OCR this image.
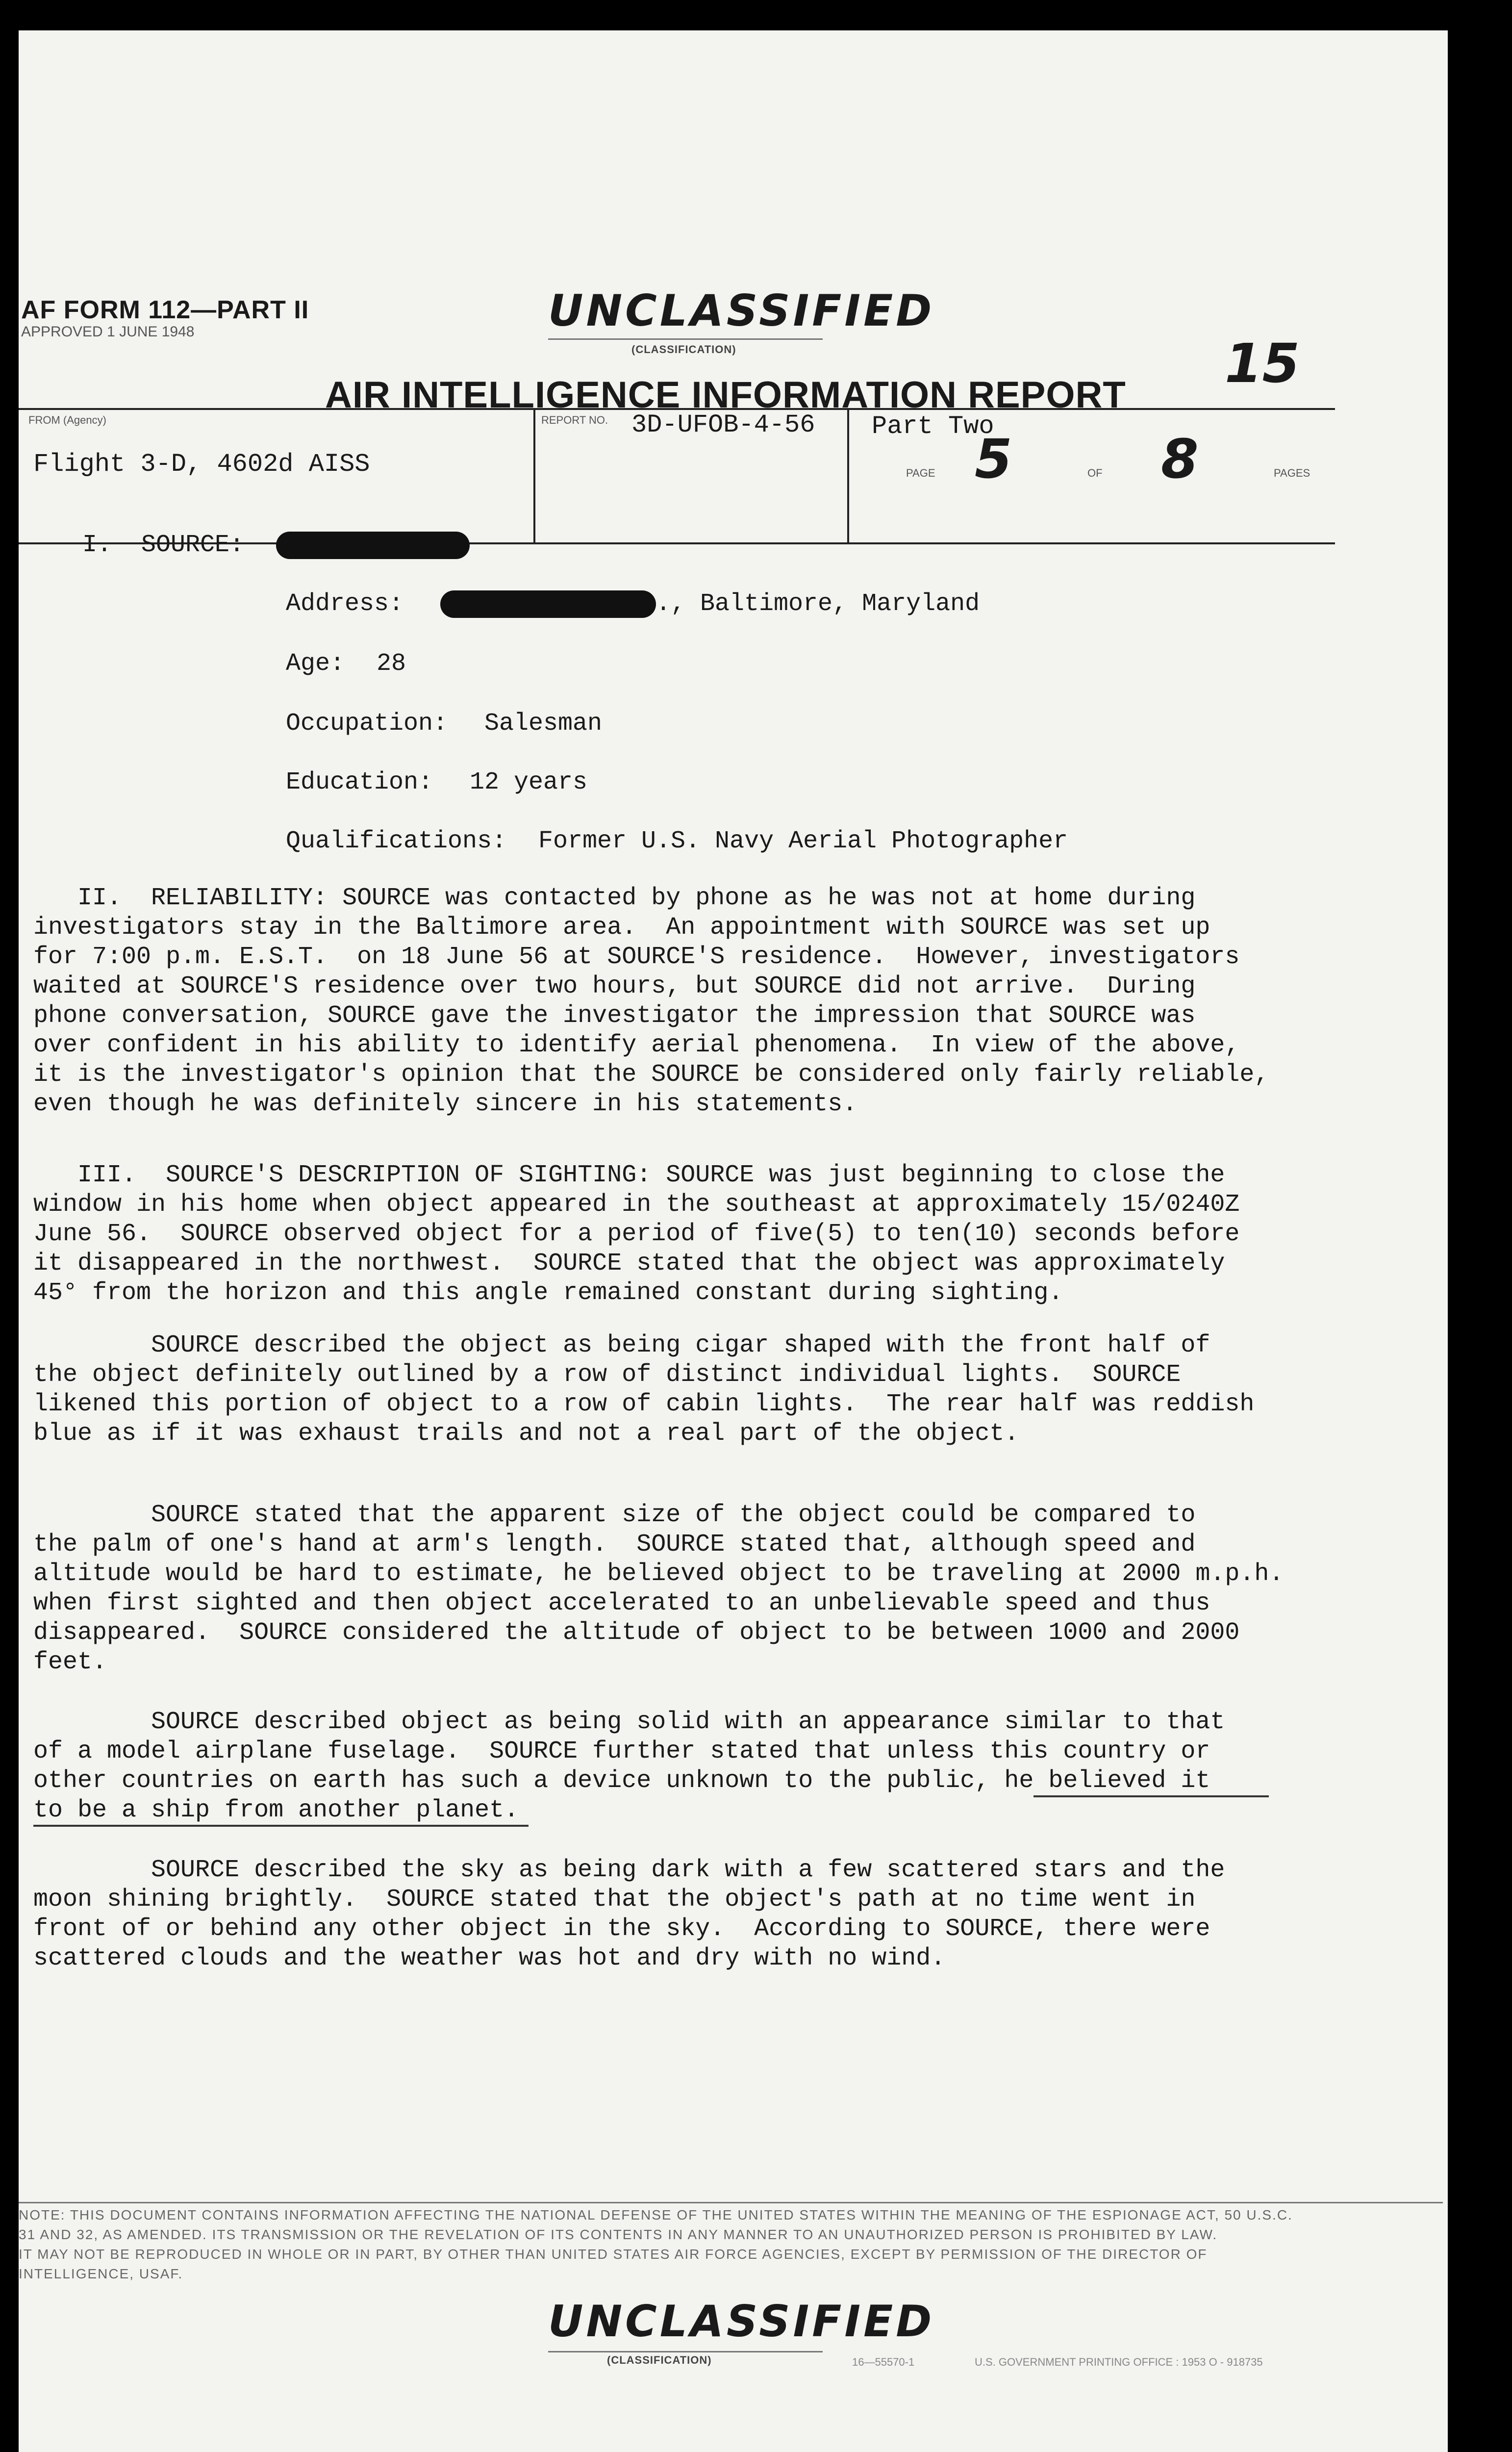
AF FORM 112—PART II
APPROVED 1 JUNE 1948	UNCLASSIFIED
(CLASSIFICATION)	15
AIR INTELLIGENCE INFORMATION REPORT
FROM (Agency)
Flight 3-D, 4602d AISS
REPORT NO. 3D-UFOB-4-56 Part Two
PAGE 5	OF 8	PAGES
I.  SOURCE:
Address:	., Baltimore, Maryland
Age: 28
Occupation: Salesman
Education: 12 years
Qualifications: Former U.S. Navy Aerial Photographer
II.  RELIABILITY: SOURCE was contacted by phone as he was not at home during
investigators stay in the Baltimore area.  An appointment with SOURCE was set up
for 7:00 p.m. E.S.T.  on 18 June 56 at SOURCE'S residence.  However, investigators
waited at SOURCE'S residence over two hours, but SOURCE did not arrive.  During
phone conversation, SOURCE gave the investigator the impression that SOURCE was
over confident in his ability to identify aerial phenomena.  In view of the above,
it is the investigator's opinion that the SOURCE be considered only fairly reliable,
even though he was definitely sincere in his statements.
III.  SOURCE'S DESCRIPTION OF SIGHTING: SOURCE was just beginning to close the
window in his home when object appeared in the southeast at approximately 15/0240Z
June 56.  SOURCE observed object for a period of five(5) to ten(10) seconds before
it disappeared in the northwest.  SOURCE stated that the object was approximately
45° from the horizon and this angle remained constant during sighting.
SOURCE described the object as being cigar shaped with the front half of
the object definitely outlined by a row of distinct individual lights.  SOURCE
likened this portion of object to a row of cabin lights.  The rear half was reddish
blue as if it was exhaust trails and not a real part of the object.
SOURCE stated that the apparent size of the object could be compared to
the palm of one's hand at arm's length.  SOURCE stated that, although speed and
altitude would be hard to estimate, he believed object to be traveling at 2000 m.p.h.
when first sighted and then object accelerated to an unbelievable speed and thus
disappeared.  SOURCE considered the altitude of object to be between 1000 and 2000
feet.
SOURCE described object as being solid with an appearance similar to that
of a model airplane fuselage.  SOURCE further stated that unless this country or
other countries on earth has such a device unknown to the public, he believed it
to be a ship from another planet.
SOURCE described the sky as being dark with a few scattered stars and the
moon shining brightly.  SOURCE stated that the object's path at no time went in
front of or behind any other object in the sky.  According to SOURCE, there were
scattered clouds and the weather was hot and dry with no wind.
NOTE: THIS DOCUMENT CONTAINS INFORMATION AFFECTING THE NATIONAL DEFENSE OF THE UNITED STATES WITHIN THE MEANING OF THE ESPIONAGE ACT, 50 U.S.C.
31 AND 32, AS AMENDED. ITS TRANSMISSION OR THE REVELATION OF ITS CONTENTS IN ANY MANNER TO AN UNAUTHORIZED PERSON IS PROHIBITED BY LAW.
IT MAY NOT BE REPRODUCED IN WHOLE OR IN PART, BY OTHER THAN UNITED STATES AIR FORCE AGENCIES, EXCEPT BY PERMISSION OF THE DIRECTOR OF
INTELLIGENCE, USAF.
UNCLASSIFIED
(CLASSIFICATION)	16—55570-1	U.S. GOVERNMENT PRINTING OFFICE : 1953 O - 918735
